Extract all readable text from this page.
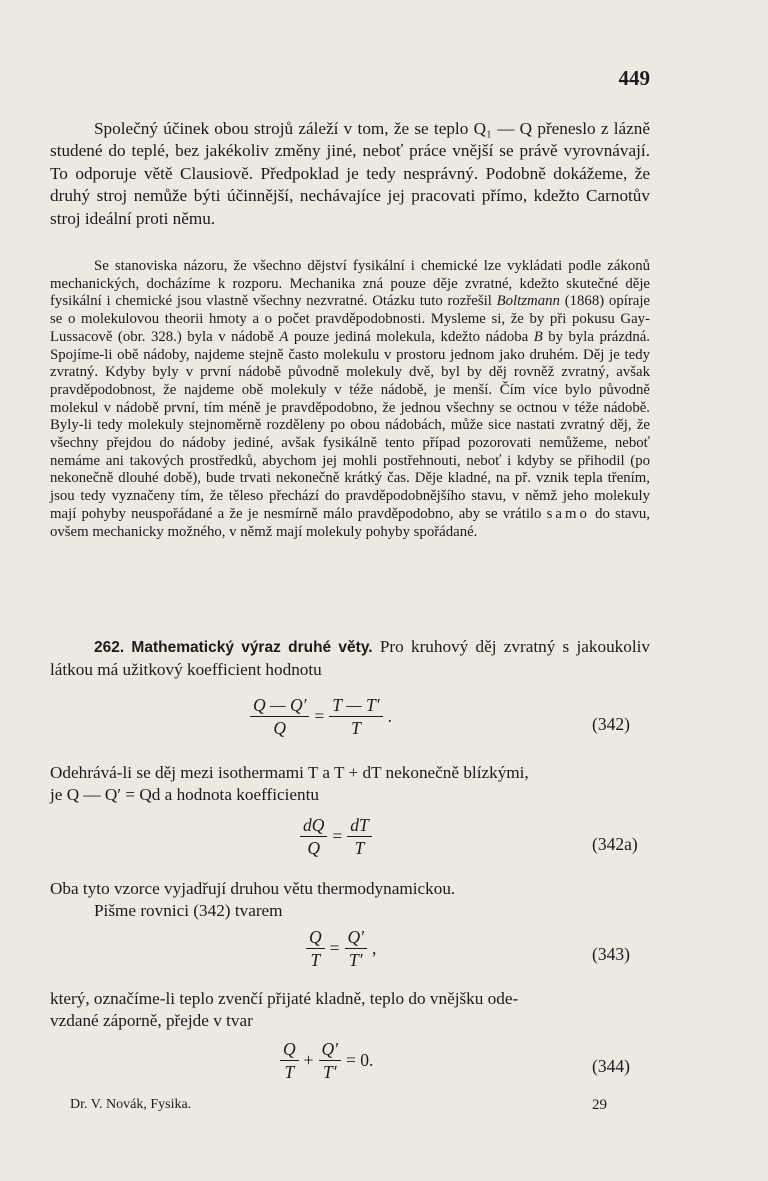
449

Společný účinek obou strojů záleží v tom, že se teplo Q₁ — Q přeneslo z lázně studené do teplé, bez jakékoliv změny jiné, neboť práce vnější se právě vyrovnávají. To odporuje větě Clausiově. Předpoklad je tedy nesprávný. Podobně dokážeme, že druhý stroj nemůže býti účinnější, nechávajíce jej pracovati přímo, kdežto Carnotův stroj ideální proti němu.

Se stanoviska názoru, že všechno dějství fysikální i chemické lze vykládati podle zákonů mechanických, docházíme k rozporu. Mechanika zná pouze děje zvratné, kdežto skutečné děje fysikální i chemické jsou vlastně všechny nezvratné. Otázku tuto rozřešil Boltzmann (1868) opíraje se o molekulovou theorii hmoty a o počet pravděpodobnosti. Mysleme si, že by při pokusu Gay-Lussacově (obr. 328.) byla v nádobě A pouze jediná molekula, kdežto nádoba B by byla prázdná. Spojíme-li obě nádoby, najdeme stejně často molekulu v prostoru jednom jako druhém. Děj je tedy zvratný. Kdyby byly v první nádobě původně molekuly dvě, byl by děj rovněž zvratný, avšak pravděpodobnost, že najdeme obě molekuly v téže nádobě, je menší. Čím více bylo původně molekul v nádobě první, tím méně je pravděpodobno, že jednou všechny se octnou v téže nádobě. Byly-li tedy molekuly stejnoměrně rozděleny po obou nádobách, může sice nastati zvratný děj, že všechny přejdou do nádoby jediné, avšak fysikálně tento případ pozorovati nemůžeme, neboť nemáme ani takových prostředků, abychom jej mohli postřehnouti, neboť i kdyby se přihodil (po nekonečně dlouhé době), bude trvati nekonečně krátký čas. Děje kladné, na př. vznik tepla třením, jsou tedy vyznačeny tím, že těleso přechází do pravděpodobnějšího stavu, v němž jeho molekuly mají pohyby neuspořádané a že je nesmírně málo pravděpodobno, aby se vrátilo samo do stavu, ovšem mechanicky možného, v němž mají molekuly pohyby spořádané.

262. Mathematický výraz druhé věty. Pro kruhový děj zvratný s jakoukoliv látkou má užitkový koefficient hodnotu

$\frac{Q — Q'}{Q} = \frac{T — T'}{T}$ .	(342)

Odehrává-li se děj mezi isothermami T a T + dT nekonečně blízkými,

je Q — Q′ = Qd a hodnota koefficientu

$\frac{dQ}{Q} = \frac{dT}{T}$	(342a)

Oba tyto vzorce vyjadřují druhou větu thermodynamickou.

Pišme rovnici (342) tvarem

$\frac{Q}{T} = \frac{Q'}{T'}$ ,	(343)

který, označíme-li teplo zvenčí přijaté kladně, teplo do vnějšku ode-

vzdané záporně, přejde v tvar

$\frac{Q}{T} + \frac{Q'}{T'} = 0$.	(344)
Dr. V. Novák, Fysika.	29
